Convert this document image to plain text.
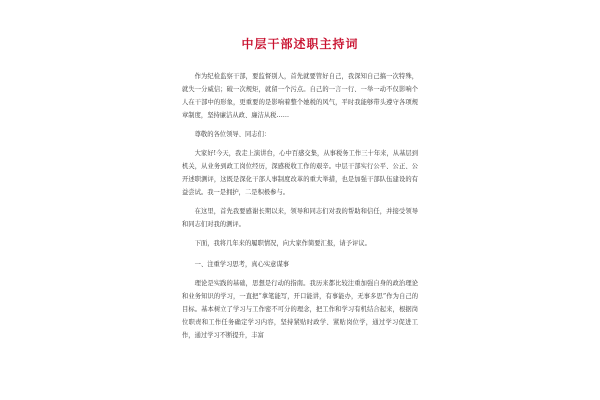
中层干部述职主持词

作为纪检监察干部，要监督别人，首先就要管好自己，我深知自己搞一次特殊，就失一分威信；破一次规矩，就留一个污点。自己的一言一行、一举一动不仅影响个人在干部中的形象，更重要的是影响着整个她税的风气，平时我能够带头遵守各项规章制度，坚持廉洁从政、廉洁从税……

尊敬的各位领导、同志们：

大家好!今天，我走上演讲台，心中百感交集，从事税务工作三十年来，从基层到机关，从业务到政工岗位经历，深感税收工作的艰辛。中层干部实行公平、公正、公开述职测评，这既是深化干部人事制度改革的重大举措，也是加强干部队伍建设的有益尝试。我一是拥护，二是积极参与。

在这里，首先我要感谢长期以来，领导和同志们对我的帮助和信任，并接受领导和同志们对我的测评。

下面，我将几年来的履职情况，向大家作简要汇报，请予评议。

一、注重学习思考，真心实意谋事

理论是实践的基础，思想是行动的指南。我历来都比较注重加强自身的政治理论和业务知识的学习，一直把“拿笔能写，开口能讲，有事能办，无事多思”作为自己的目标。基本树立了学习与工作密不可分的理念，把工作和学习有机结合起来，根据岗位职责和工作任务确定学习内容，坚持紧贴时政学、紧贴岗位学，通过学习促进工作，通过学习不断提升，丰富
